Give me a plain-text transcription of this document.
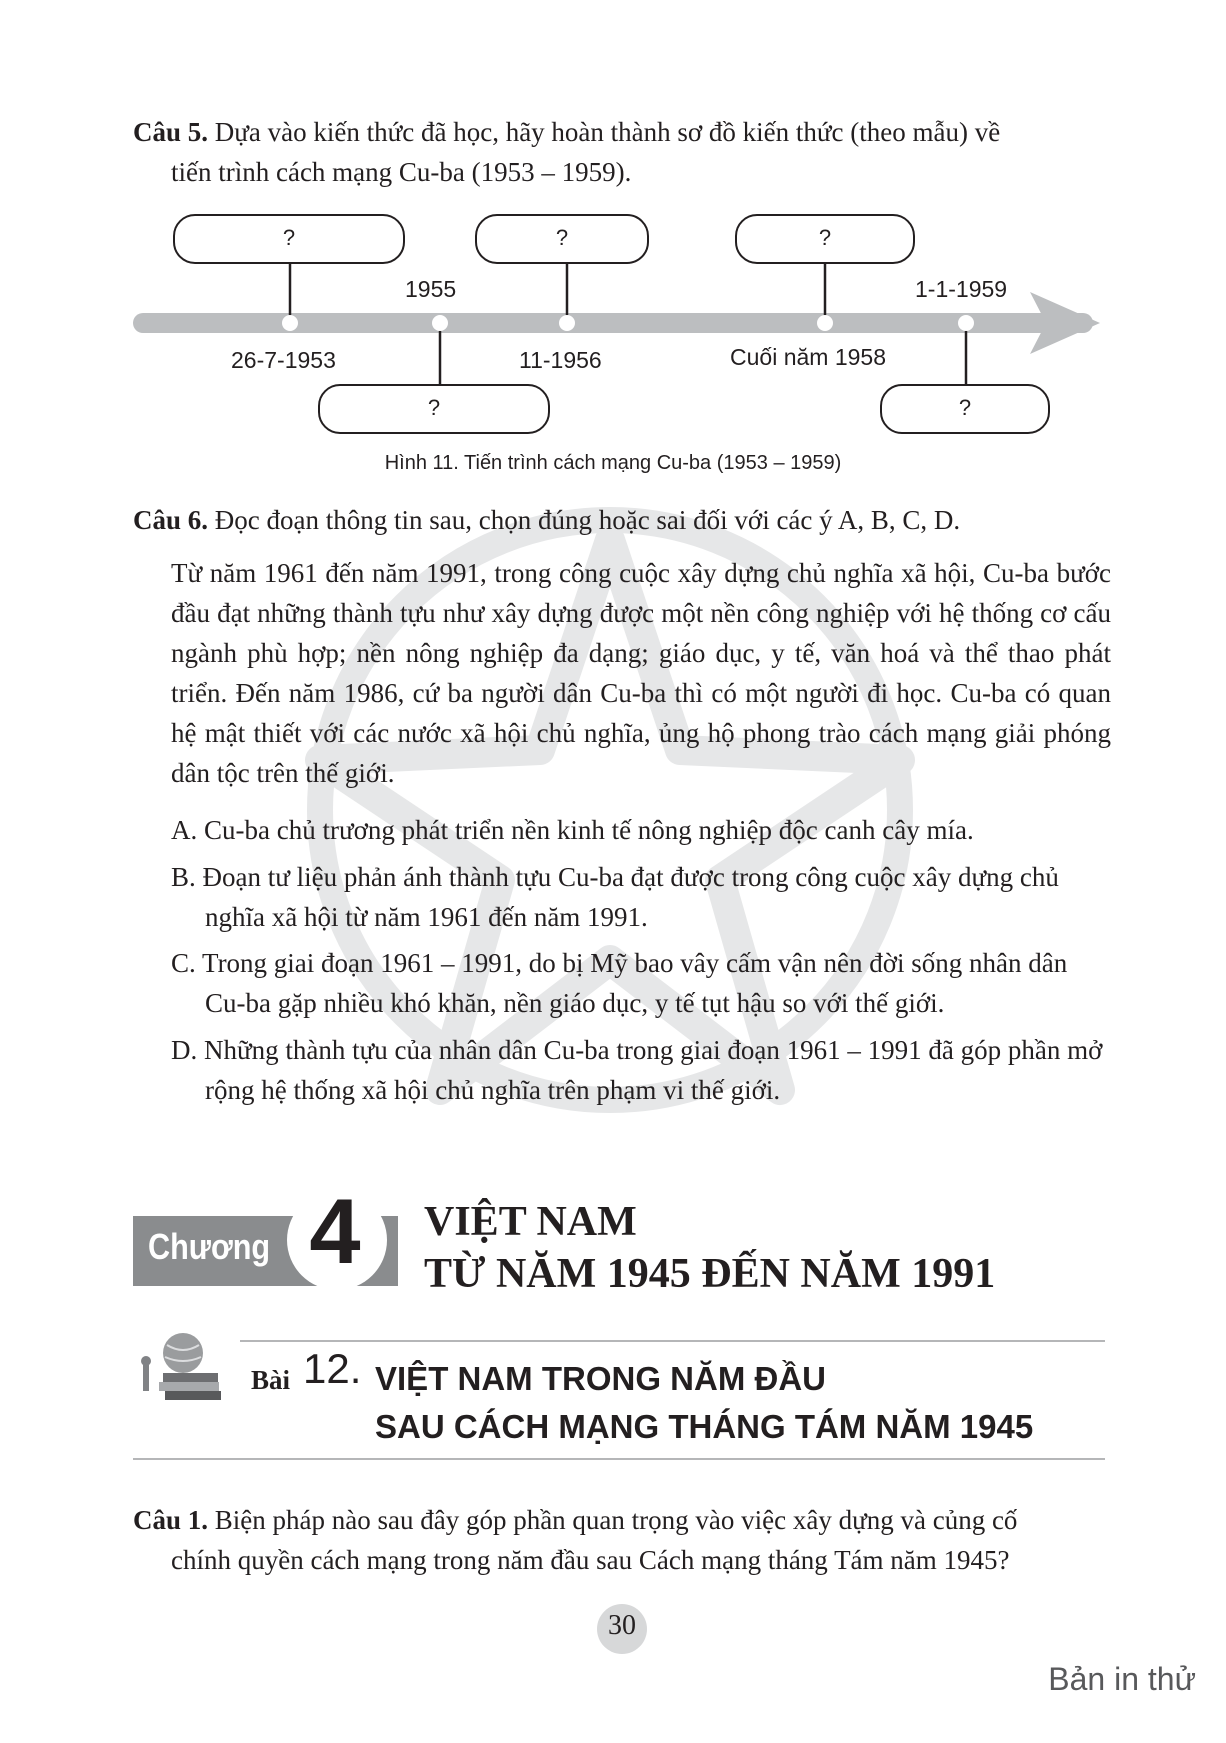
Câu 5. Dựa vào kiến thức đã học, hãy hoàn thành sơ đồ kiến thức (theo mẫu) về
tiến trình cách mạng Cu-ba (1953 – 1959).
?	?	?
?	?
1955	1-1-1959
26-7-1953	11-1956	Cuối năm 1958
Hình 11. Tiến trình cách mạng Cu-ba (1953 – 1959)
Câu 6. Đọc đoạn thông tin sau, chọn đúng hoặc sai đối với các ý A, B, C, D.
Từ năm 1961 đến năm 1991, trong công cuộc xây dựng chủ nghĩa xã hội, Cu-ba bước đầu đạt những thành tựu như xây dựng được một nền công nghiệp với hệ thống cơ cấu ngành phù hợp; nền nông nghiệp đa dạng; giáo dục, y tế, văn hoá và thể thao phát triển. Đến năm 1986, cứ ba người dân Cu-ba thì có một người đi học. Cu-ba có quan hệ mật thiết với các nước xã hội chủ nghĩa, ủng hộ phong trào cách mạng giải phóng dân tộc trên thế giới.
A. Cu-ba chủ trương phát triển nền kinh tế nông nghiệp độc canh cây mía.
B. Đoạn tư liệu phản ánh thành tựu Cu-ba đạt được trong công cuộc xây dựng chủ nghĩa xã hội từ năm 1961 đến năm 1991.
C. Trong giai đoạn 1961 – 1991, do bị Mỹ bao vây cấm vận nên đời sống nhân dân Cu-ba gặp nhiều khó khăn, nền giáo dục, y tế tụt hậu so với thế giới.
D. Những thành tựu của nhân dân Cu-ba trong giai đoạn 1961 – 1991 đã góp phần mở rộng hệ thống xã hội chủ nghĩa trên phạm vi thế giới.
Chương 4	VIỆT NAM
TỪ NĂM 1945 ĐẾN NĂM 1991
Bài 12. VIỆT NAM TRONG NĂM ĐẦU
SAU CÁCH MẠNG THÁNG TÁM NĂM 1945
Câu 1. Biện pháp nào sau đây góp phần quan trọng vào việc xây dựng và củng cố
chính quyền cách mạng trong năm đầu sau Cách mạng tháng Tám năm 1945?
30
Bản in thử
